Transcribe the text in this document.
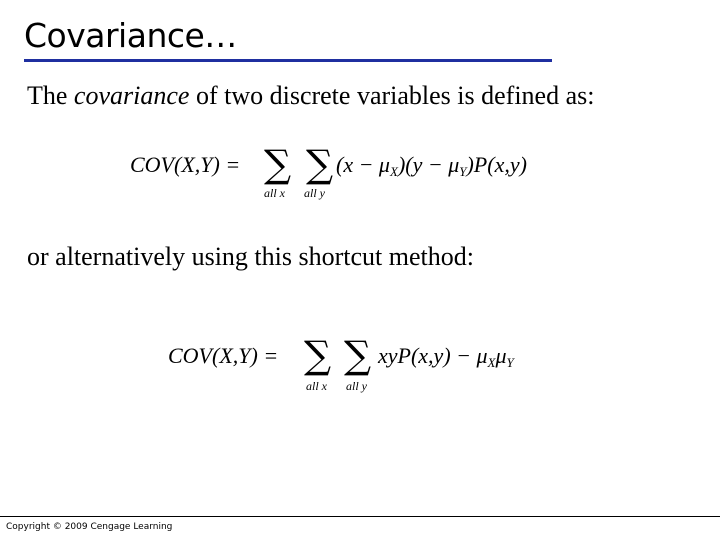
Covariance…
The covariance of two discrete variables is defined as:
COV(X,Y) = ∑
all x
∑
all y
$(x - \mu_X)(y - \mu_Y)P(x,y)$
or alternatively using this shortcut method:
COV(X,Y) = ∑
all x
∑
all y
$xyP(x,y) - \mu_X\mu_Y$
Copyright © 2009 Cengage Learning
